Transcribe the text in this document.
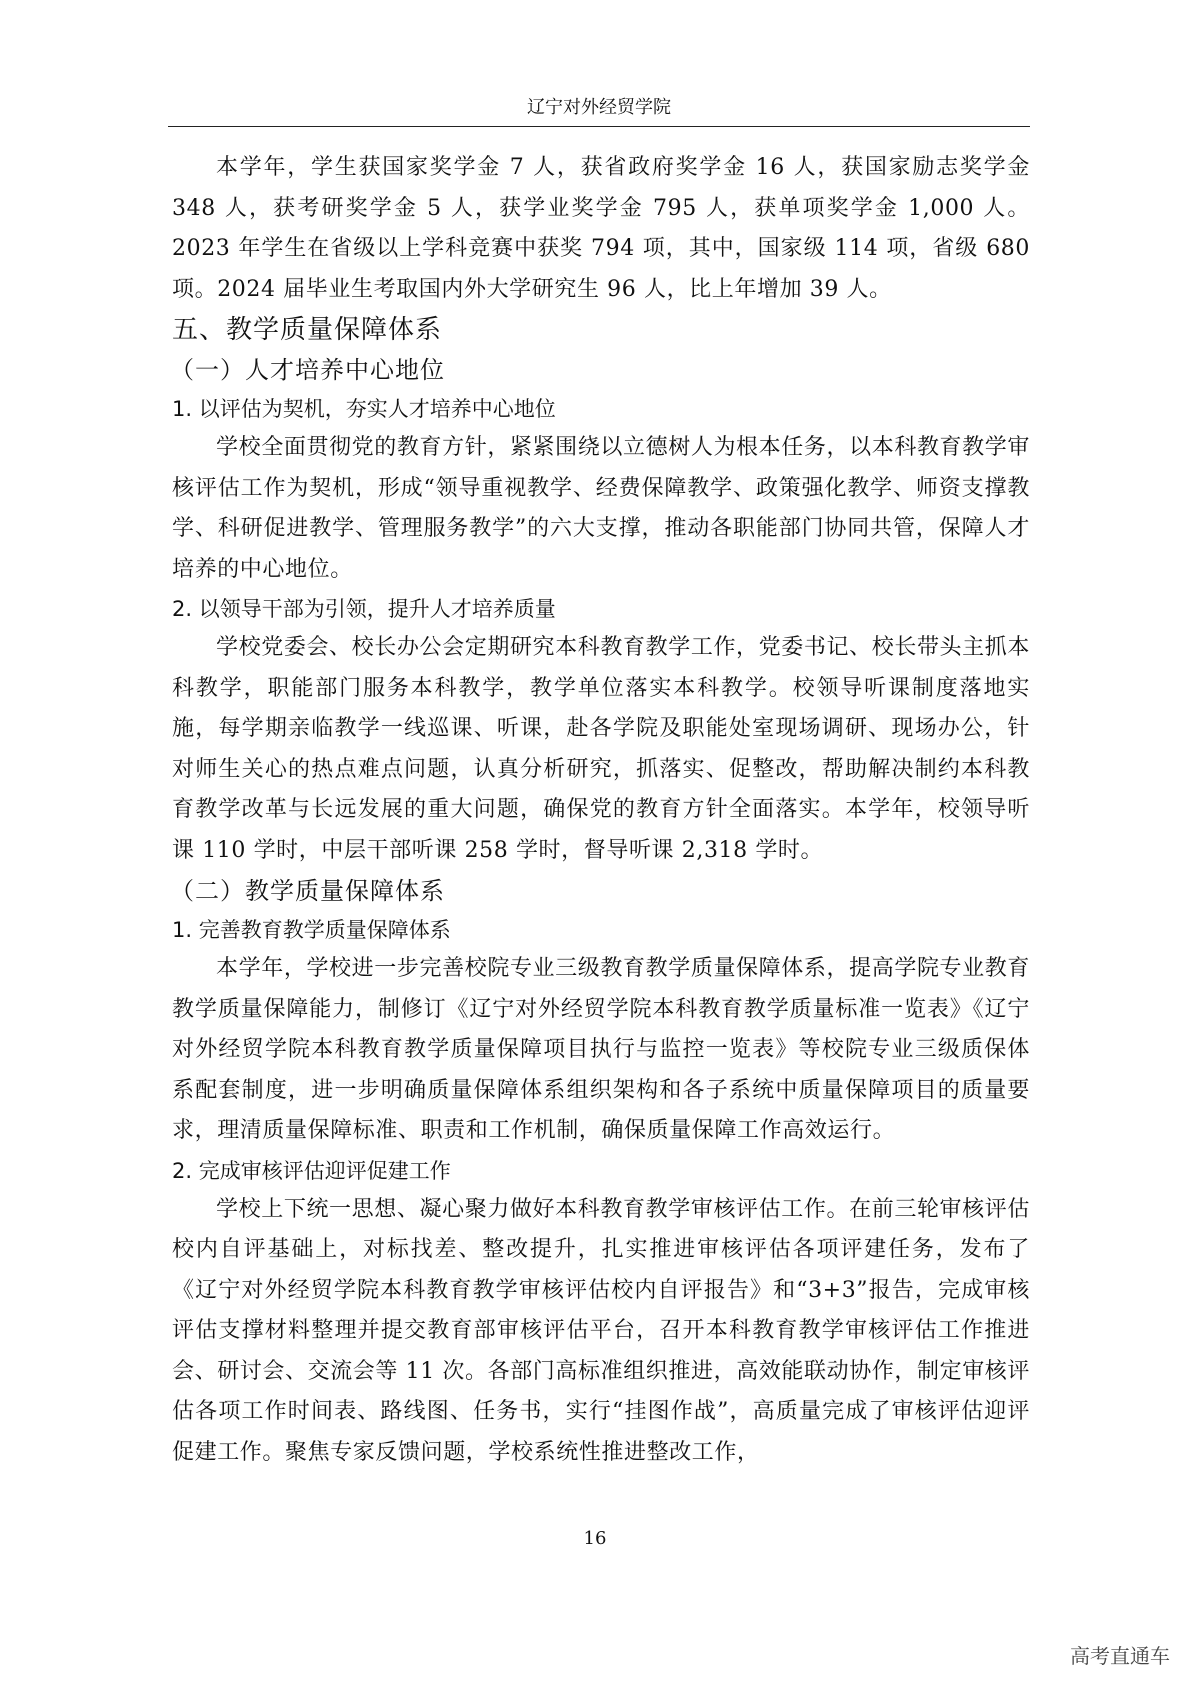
辽宁对外经贸学院

本学年，学生获国家奖学金 7 人，获省政府奖学金 16 人，获国家励志奖学金 348 人，获考研奖学金 5 人，获学业奖学金 795 人，获单项奖学金 1,000 人。2023 年学生在省级以上学科竞赛中获奖 794 项，其中，国家级 114 项，省级 680 项。2024 届毕业生考取国内外大学研究生 96 人，比上年增加 39 人。

五、教学质量保障体系
（一）人才培养中心地位
1. 以评估为契机，夯实人才培养中心地位

学校全面贯彻党的教育方针，紧紧围绕以立德树人为根本任务，以本科教育教学审核评估工作为契机，形成“领导重视教学、经费保障教学、政策强化教学、师资支撑教学、科研促进教学、管理服务教学”的六大支撑，推动各职能部门协同共管，保障人才培养的中心地位。

2. 以领导干部为引领，提升人才培养质量

学校党委会、校长办公会定期研究本科教育教学工作，党委书记、校长带头主抓本科教学，职能部门服务本科教学，教学单位落实本科教学。校领导听课制度落地实施，每学期亲临教学一线巡课、听课，赴各学院及职能处室现场调研、现场办公，针对师生关心的热点难点问题，认真分析研究，抓落实、促整改，帮助解决制约本科教育教学改革与长远发展的重大问题，确保党的教育方针全面落实。本学年，校领导听课 110 学时，中层干部听课 258 学时，督导听课 2,318 学时。

（二）教学质量保障体系
1. 完善教育教学质量保障体系

本学年，学校进一步完善校院专业三级教育教学质量保障体系，提高学院专业教育教学质量保障能力，制修订《辽宁对外经贸学院本科教育教学质量标准一览表》《辽宁对外经贸学院本科教育教学质量保障项目执行与监控一览表》等校院专业三级质保体系配套制度，进一步明确质量保障体系组织架构和各子系统中质量保障项目的质量要求，理清质量保障标准、职责和工作机制，确保质量保障工作高效运行。

2. 完成审核评估迎评促建工作

学校上下统一思想、凝心聚力做好本科教育教学审核评估工作。在前三轮审核评估校内自评基础上，对标找差、整改提升，扎实推进审核评估各项评建任务，发布了《辽宁对外经贸学院本科教育教学审核评估校内自评报告》和“3+3”报告，完成审核评估支撑材料整理并提交教育部审核评估平台，召开本科教育教学审核评估工作推进会、研讨会、交流会等 11 次。各部门高标准组织推进，高效能联动协作，制定审核评估各项工作时间表、路线图、任务书，实行“挂图作战”，高质量完成了审核评估迎评促建工作。聚焦专家反馈问题，学校系统性推进整改工作，

16
高考直通车
